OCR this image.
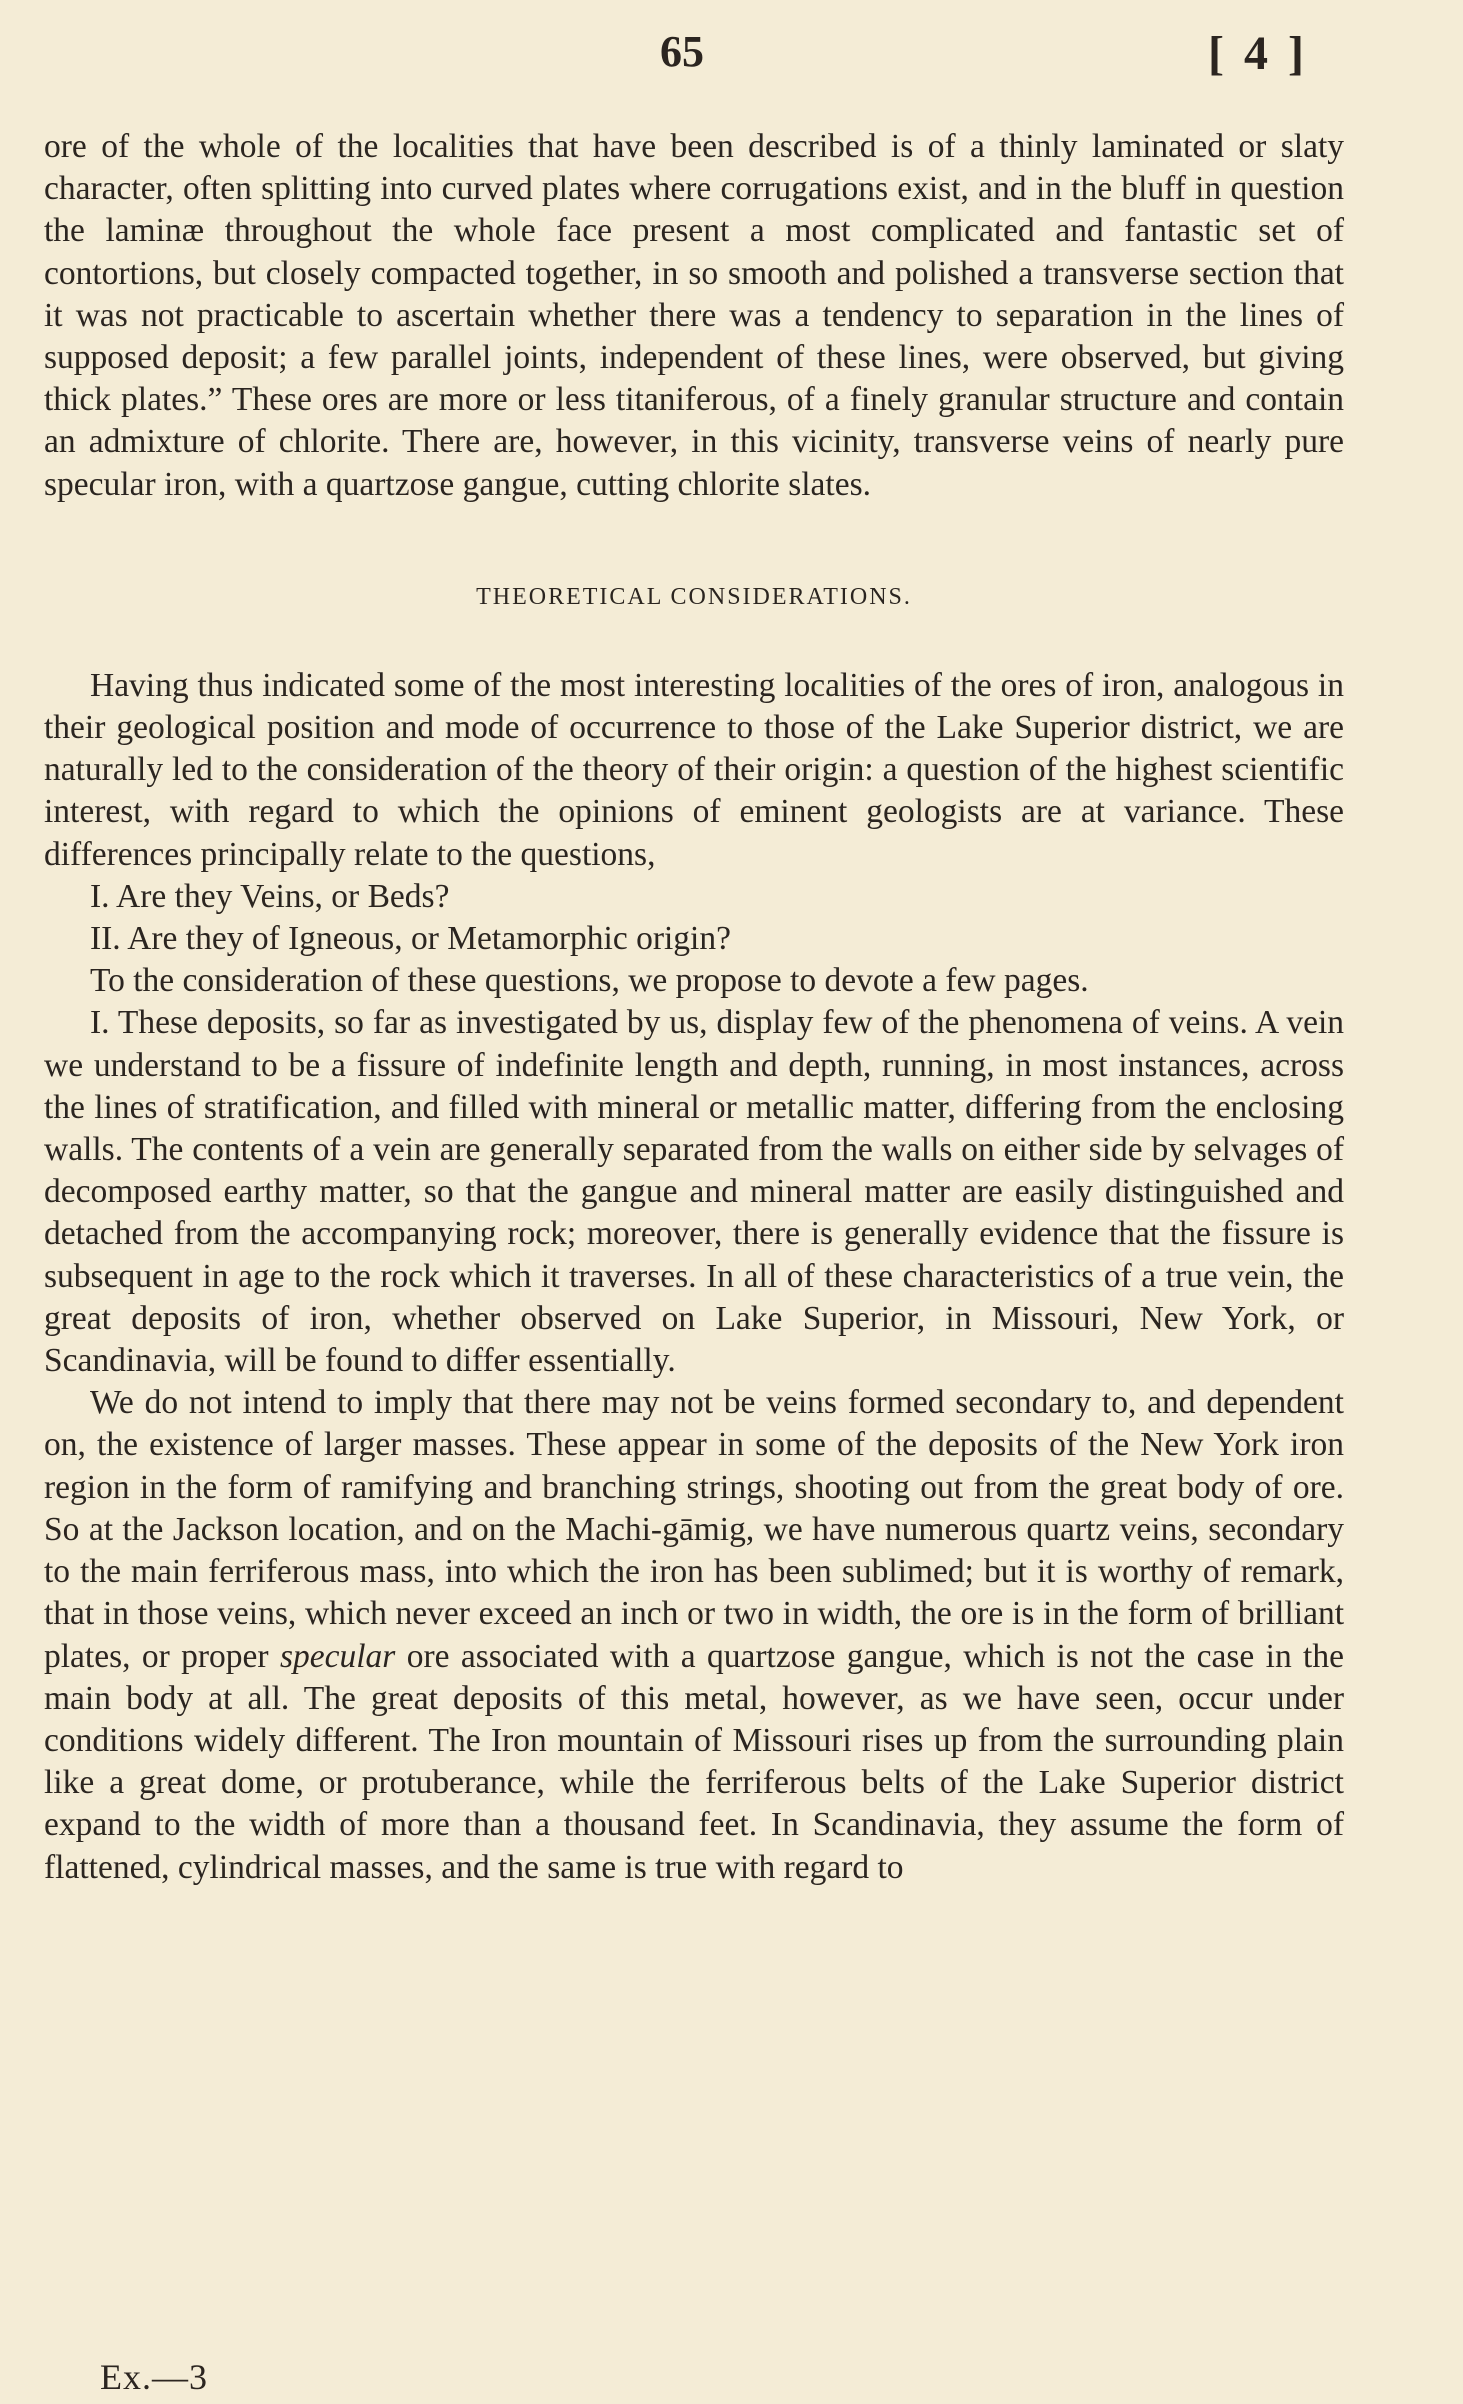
65	[ 4 ]

ore of the whole of the localities that have been described is of a thinly laminated or slaty character, often splitting into curved plates where corrugations exist, and in the bluff in question the laminæ throughout the whole face present a most complicated and fantastic set of contortions, but closely compacted together, in so smooth and polished a transverse section that it was not practicable to ascertain whether there was a tendency to separation in the lines of supposed deposit; a few parallel joints, independent of these lines, were observed, but giving thick plates.” These ores are more or less titaniferous, of a finely granular structure and contain an admixture of chlorite. There are, however, in this vicinity, transverse veins of nearly pure specular iron, with a quartzose gangue, cutting chlorite slates.

THEORETICAL CONSIDERATIONS.

Having thus indicated some of the most interesting localities of the ores of iron, analogous in their geological position and mode of occurrence to those of the Lake Superior district, we are naturally led to the consideration of the theory of their origin: a question of the highest scientific interest, with regard to which the opinions of eminent geologists are at variance. These differences principally relate to the questions,

I. Are they Veins, or Beds?

II. Are they of Igneous, or Metamorphic origin?

To the consideration of these questions, we propose to devote a few pages.

I. These deposits, so far as investigated by us, display few of the phenomena of veins. A vein we understand to be a fissure of indefinite length and depth, running, in most instances, across the lines of stratification, and filled with mineral or metallic matter, differing from the enclosing walls. The contents of a vein are generally separated from the walls on either side by selvages of decomposed earthy matter, so that the gangue and mineral matter are easily distinguished and detached from the accompanying rock; moreover, there is generally evidence that the fissure is subsequent in age to the rock which it traverses. In all of these characteristics of a true vein, the great deposits of iron, whether observed on Lake Superior, in Missouri, New York, or Scandinavia, will be found to differ essentially.

We do not intend to imply that there may not be veins formed secondary to, and dependent on, the existence of larger masses. These appear in some of the deposits of the New York iron region in the form of ramifying and branching strings, shooting out from the great body of ore. So at the Jackson location, and on the Machi-gāmig, we have numerous quartz veins, secondary to the main ferriferous mass, into which the iron has been sublimed; but it is worthy of remark, that in those veins, which never exceed an inch or two in width, the ore is in the form of brilliant plates, or proper specular ore associated with a quartzose gangue, which is not the case in the main body at all. The great deposits of this metal, however, as we have seen, occur under conditions widely different. The Iron mountain of Missouri rises up from the surrounding plain like a great dome, or protuberance, while the ferriferous belts of the Lake Superior district expand to the width of more than a thousand feet. In Scandinavia, they assume the form of flattened, cylindrical masses, and the same is true with regard to

Ex.—3
